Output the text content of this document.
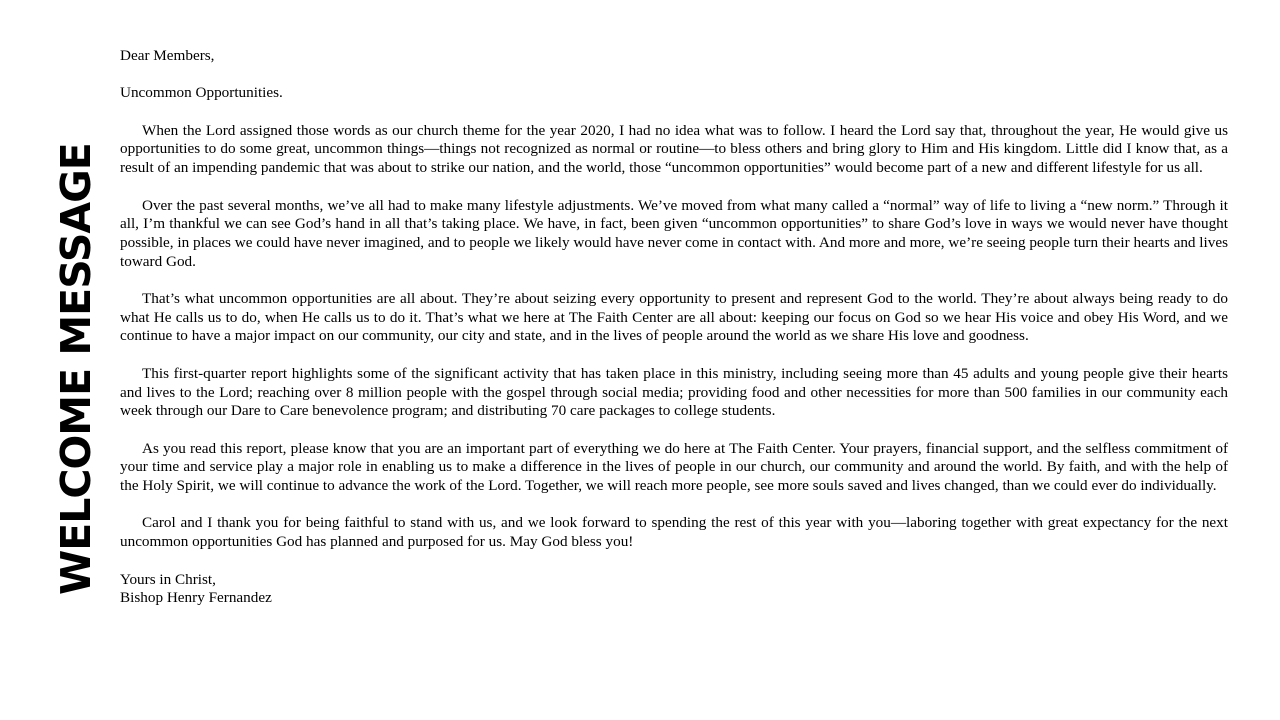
WELCOME MESSAGE

Dear Members,

Uncommon Opportunities.

When the Lord assigned those words as our church theme for the year 2020, I had no idea what was to follow. I heard the Lord say that, throughout the year, He would give us opportunities to do some great, uncommon things—things not recognized as normal or routine—to bless others and bring glory to Him and His kingdom. Little did I know that, as a result of an impending pandemic that was about to strike our nation, and the world, those “uncommon opportunities” would become part of a new and different lifestyle for us all.

Over the past several months, we’ve all had to make many lifestyle adjustments. We’ve moved from what many called a “normal” way of life to living a “new norm.” Through it all, I’m thankful we can see God’s hand in all that’s taking place. We have, in fact, been given “uncommon opportunities” to share God’s love in ways we would never have thought possible, in places we could have never imagined, and to people we likely would have never come in contact with. And more and more, we’re seeing people turn their hearts and lives toward God.

That’s what uncommon opportunities are all about. They’re about seizing every opportunity to present and represent God to the world. They’re about always being ready to do what He calls us to do, when He calls us to do it. That’s what we here at The Faith Center are all about: keeping our focus on God so we hear His voice and obey His Word, and we continue to have a major impact on our community, our city and state, and in the lives of people around the world as we share His love and goodness.

This first-quarter report highlights some of the significant activity that has taken place in this ministry, including seeing more than 45 adults and young people give their hearts and lives to the Lord; reaching over 8 million people with the gospel through social media; providing food and other necessities for more than 500 families in our community each week through our Dare to Care benevolence program; and distributing 70 care packages to college students.

As you read this report, please know that you are an important part of everything we do here at The Faith Center. Your prayers, financial support, and the selfless commitment of your time and service play a major role in enabling us to make a difference in the lives of people in our church, our community and around the world. By faith, and with the help of the Holy Spirit, we will continue to advance the work of the Lord. Together, we will reach more people, see more souls saved and lives changed, than we could ever do individually.

Carol and I thank you for being faithful to stand with us, and we look forward to spending the rest of this year with you—laboring together with great expectancy for the next uncommon opportunities God has planned and purposed for us. May God bless you!

Yours in Christ,
Bishop Henry Fernandez
